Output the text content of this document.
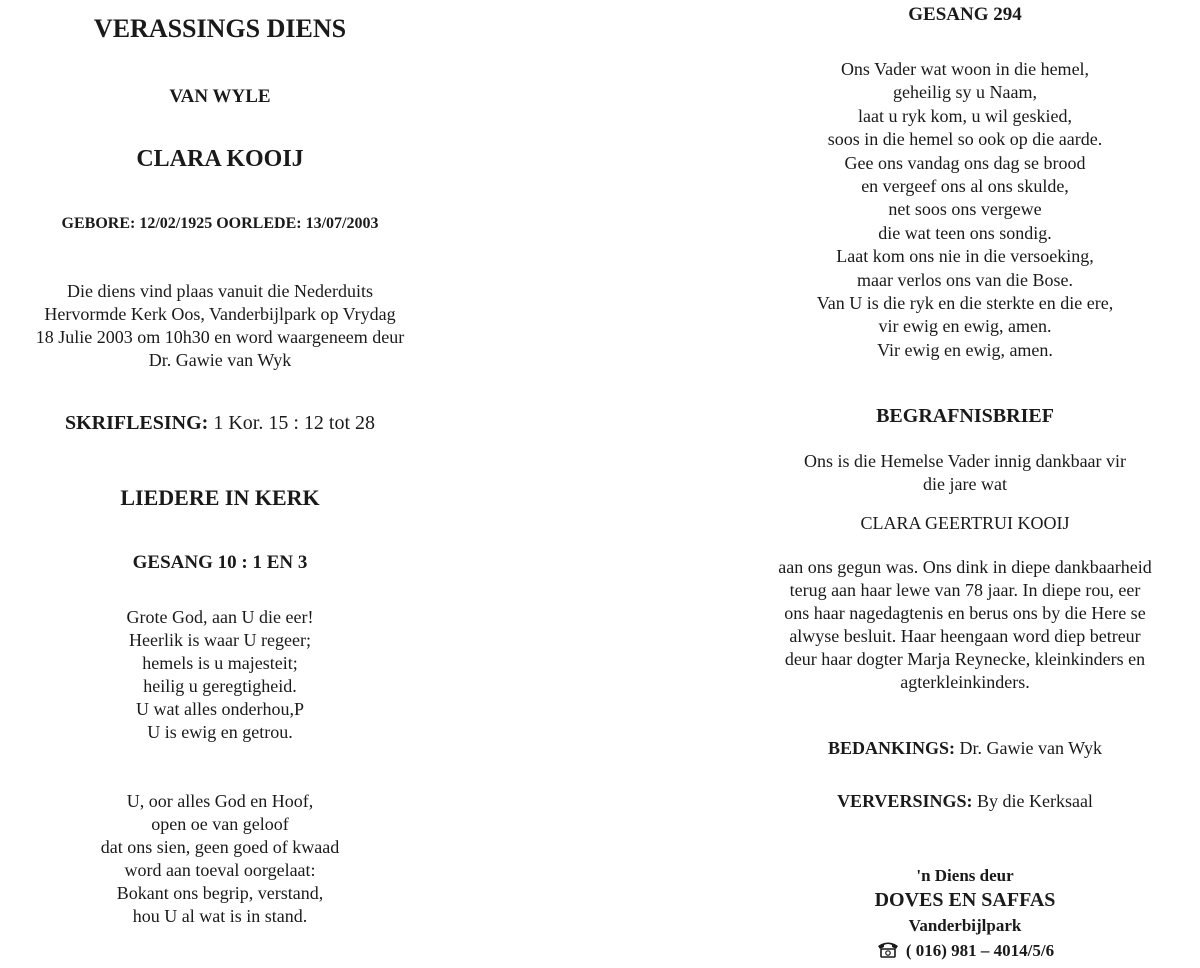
VERASSINGS DIENS
VAN WYLE
CLARA KOOIJ
GEBORE: 12/02/1925 OORLEDE: 13/07/2003
Die diens vind plaas vanuit die Nederduits
Hervormde Kerk Oos, Vanderbijlpark op Vrydag
18 Julie 2003 om 10h30 en word waargeneem deur
Dr. Gawie van Wyk
SKRIFLESING: 1 Kor. 15 : 12 tot 28
LIEDERE IN KERK
GESANG 10 : 1 EN 3
Grote God, aan U die eer!
Heerlik is waar U regeer;
hemels is u majesteit;
heilig u geregtigheid.
U wat alles onderhou,P
U is ewig en getrou.
U, oor alles God en Hoof,
open oe van geloof
dat ons sien, geen goed of kwaad
word aan toeval oorgelaat:
Bokant ons begrip, verstand,
hou U al wat is in stand.
GESANG 294
Ons Vader wat woon in die hemel,
geheilig sy u Naam,
laat u ryk kom, u wil geskied,
soos in die hemel so ook op die aarde.
Gee ons vandag ons dag se brood
en vergeef ons al ons skulde,
net soos ons vergewe
die wat teen ons sondig.
Laat kom ons nie in die versoeking,
maar verlos ons van die Bose.
Van U is die ryk en die sterkte en die ere,
vir ewig en ewig, amen.
Vir ewig en ewig, amen.
BEGRAFNISBRIEF
Ons is die Hemelse Vader innig dankbaar vir
die jare wat
CLARA GEERTRUI KOOIJ
aan ons gegun was. Ons dink in diepe dankbaarheid
terug aan haar lewe van 78 jaar. In diepe rou, eer
ons haar nagedagtenis en berus ons by die Here se
alwyse besluit. Haar heengaan word diep betreur
deur haar dogter Marja Reynecke, kleinkinders en
agterkleinkinders.
BEDANKINGS: Dr. Gawie van Wyk
VERVERSINGS: By die Kerksaal
'n Diens deur
DOVES EN SAFFAS
Vanderbijlpark
( 016) 981 – 4014/5/6
